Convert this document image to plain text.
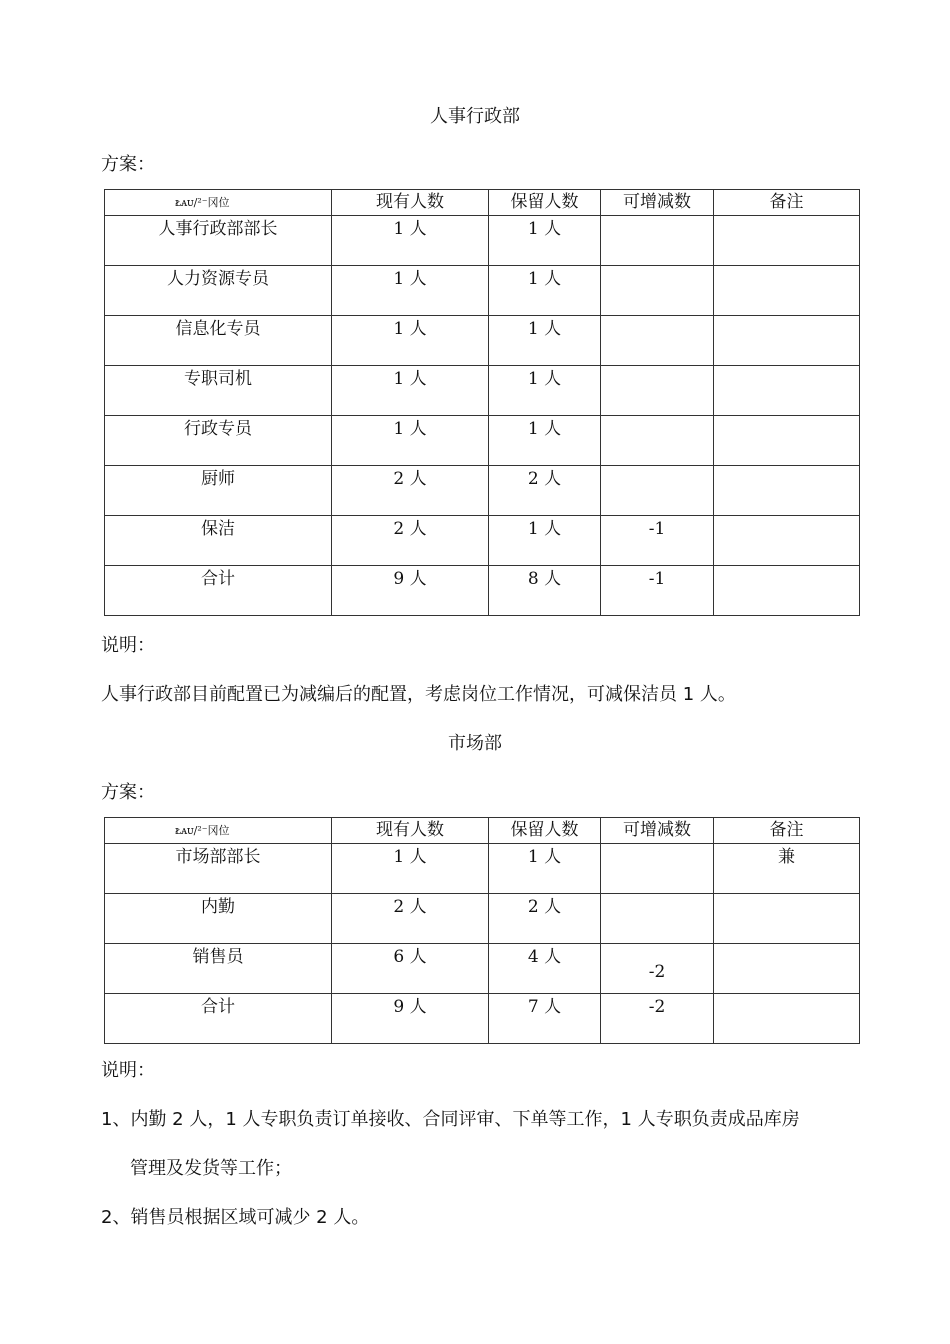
人事行政部
方案：
ᴌᴀᴜ/²⁻冈位	现有人数	保留人数	可增减数	备注
人事行政部部长	1 人	1 人		
人力资源专员	1 人	1 人		
信息化专员	1 人	1 人		
专职司机	1 人	1 人		
行政专员	1 人	1 人		
厨师	2 人	2 人		
保洁	2 人	1 人	-1	
合计	9 人	8 人	-1	
说明：
人事行政部目前配置已为减编后的配置，考虑岗位工作情况，可减保洁员 1 人。
市场部
方案：
ᴌᴀᴜ/²⁻冈位	现有人数	保留人数	可增减数	备注
市场部部长	1 人	1 人		兼
内勤	2 人	2 人		
销售员	6 人	4 人	-2	
合计	9 人	7 人	-2	
说明：
1、内勤 2 人，1 人专职负责订单接收、合同评审、下单等工作，1 人专职负责成品库房
管理及发货等工作；
2、销售员根据区域可减少 2 人。
